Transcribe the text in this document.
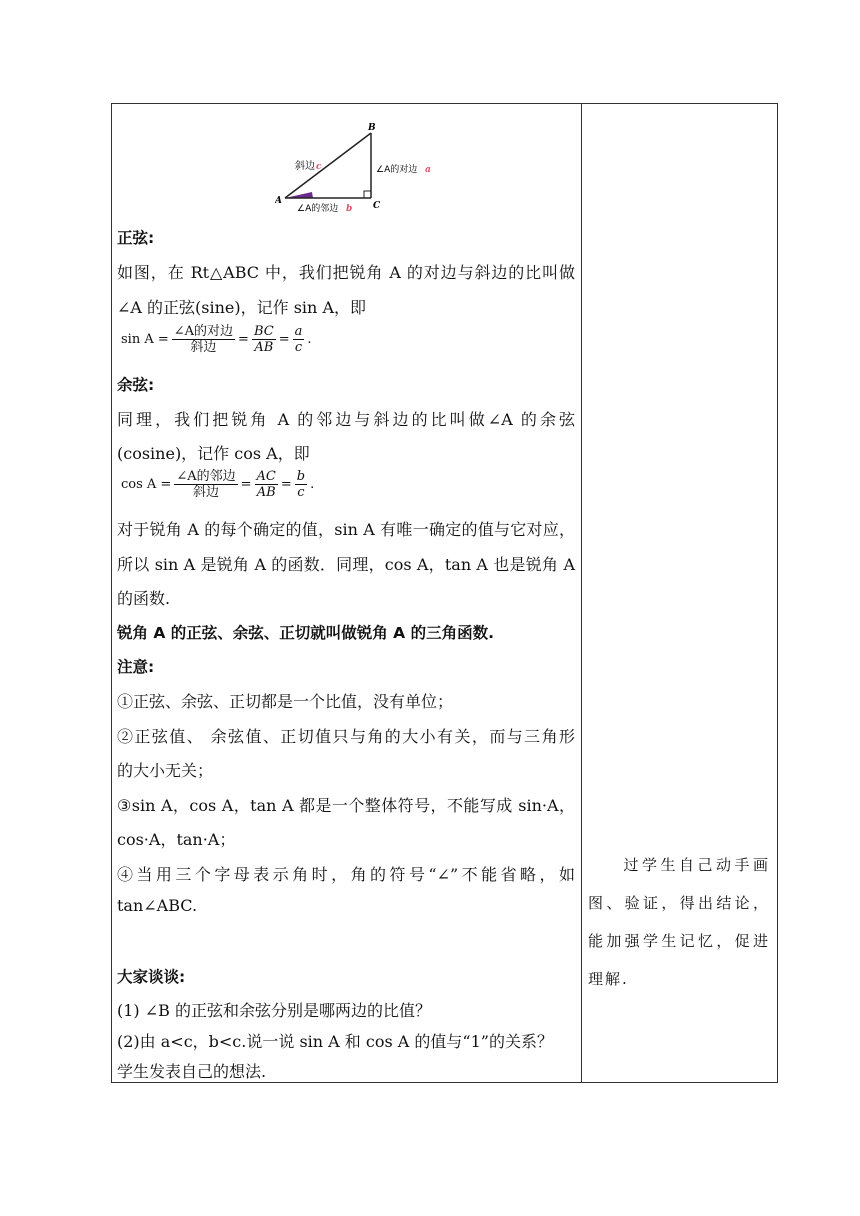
A
B
C
斜边 c	∠A的对边 a
∠A的邻边 b
正弦:
如图，在 Rt△ABC 中，我们把锐角 A 的对边与斜边的比叫做
∠A 的正弦(sine)，记作 sin A，即
$\sin A = \frac{\text{∠A的对边}}{\text{斜边}} = \frac{BC}{AB} = \frac{a}{c}$ .
余弦:
同理，我们把锐角 A 的邻边与斜边的比叫做∠A 的余弦
(cosine)，记作 cos A，即
$\cos A = \frac{\text{∠A的邻边}}{\text{斜边}} = \frac{AC}{AB} = \frac{b}{c}$ .
对于锐角 A 的每个确定的值，sin A 有唯一确定的值与它对应，
所以 sin A 是锐角 A 的函数．同理，cos A，tan A 也是锐角 A
的函数.
锐角 A 的正弦、余弦、正切就叫做锐角 A 的三角函数.
注意:
①正弦、余弦、正切都是一个比值，没有单位；
②正弦值、 余弦值、正切值只与角的大小有关，而与三角形
的大小无关；
③sin A，cos A，tan A 都是一个整体符号，不能写成 sin·A，
cos·A，tan·A；
④当用三个字母表示角时，角的符号“∠”不能省略，如
tan∠ABC.
大家谈谈:
(1) ∠B 的正弦和余弦分别是哪两边的比值？
(2)由 a<c，b<c.说一说 sin A 和 cos A 的值与“1”的关系？
学生发表自己的想法.
过学生自己动手画图、验证，得出结论，能加强学生记忆，促进理解.
